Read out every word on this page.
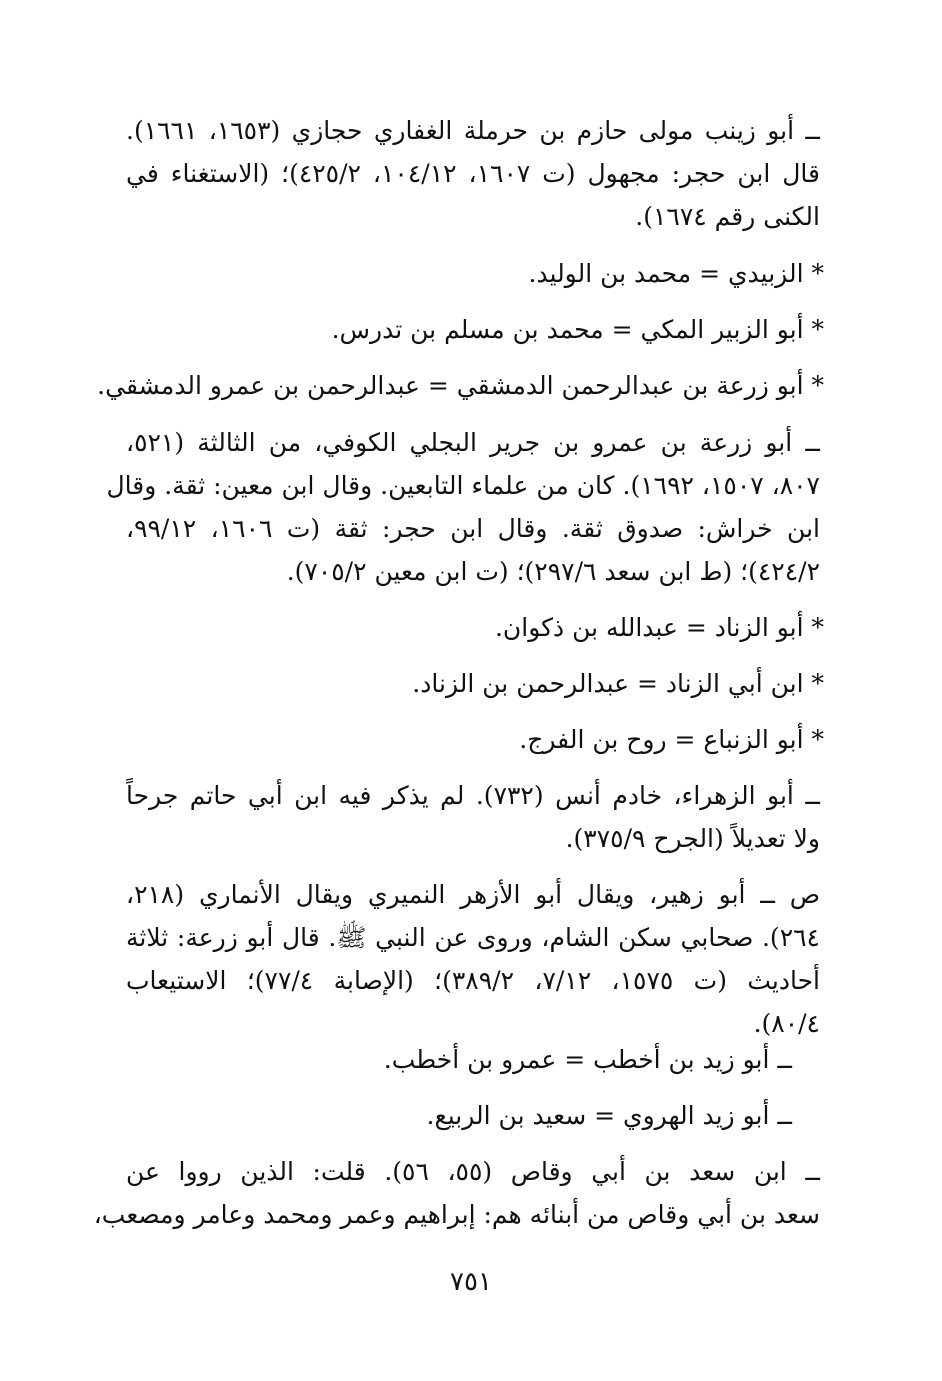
ــ أبو زينب مولى حازم بن حرملة الغفاري حجازي (١٦٥٣، ١٦٦١).
قال ابن حجر: مجهول (ت ١٦٠٧، ١٠٤/١٢، ٤٢٥/٢)؛ (الاستغناء في
الكنى رقم ١٦٧٤).
* الزبيدي = محمد بن الوليد.
* أبو الزبير المكي = محمد بن مسلم بن تدرس.
* أبو زرعة بن عبدالرحمن الدمشقي = عبدالرحمن بن عمرو الدمشقي.
ــ أبو زرعة بن عمرو بن جرير البجلي الكوفي، من الثالثة (٥٢١،
٨٠٧، ١٥٠٧، ١٦٩٢). كان من علماء التابعين. وقال ابن معين: ثقة. وقال
ابن خراش: صدوق ثقة. وقال ابن حجر: ثقة (ت ١٦٠٦، ٩٩/١٢،
٤٢٤/٢)؛ (ط ابن سعد ٢٩٧/٦)؛ (ت ابن معين ٧٠٥/٢).
* أبو الزناد = عبدالله بن ذكوان.
* ابن أبي الزناد = عبدالرحمن بن الزناد.
* أبو الزنباع = روح بن الفرج.
ــ أبو الزهراء، خادم أنس (٧٣٢). لم يذكر فيه ابن أبي حاتم جرحاً
ولا تعديلاً (الجرح ٣٧٥/٩).
ص ــ أبو زهير، ويقال أبو الأزهر النميري ويقال الأنماري (٢١٨،
٢٦٤). صحابي سكن الشام، وروى عن النبي ﷺ. قال أبو زرعة: ثلاثة
أحاديث (ت ١٥٧٥، ٧/١٢، ٣٨٩/٢)؛ (الإصابة ٧٧/٤)؛ الاستيعاب
٨٠/٤).
ــ أبو زيد بن أخطب = عمرو بن أخطب.
ــ أبو زيد الهروي = سعيد بن الربيع.
ــ ابن سعد بن أبي وقاص (٥٥، ٥٦). قلت: الذين رووا عن
سعد بن أبي وقاص من أبنائه هم: إبراهيم وعمر ومحمد وعامر ومصعب،
٧٥١
